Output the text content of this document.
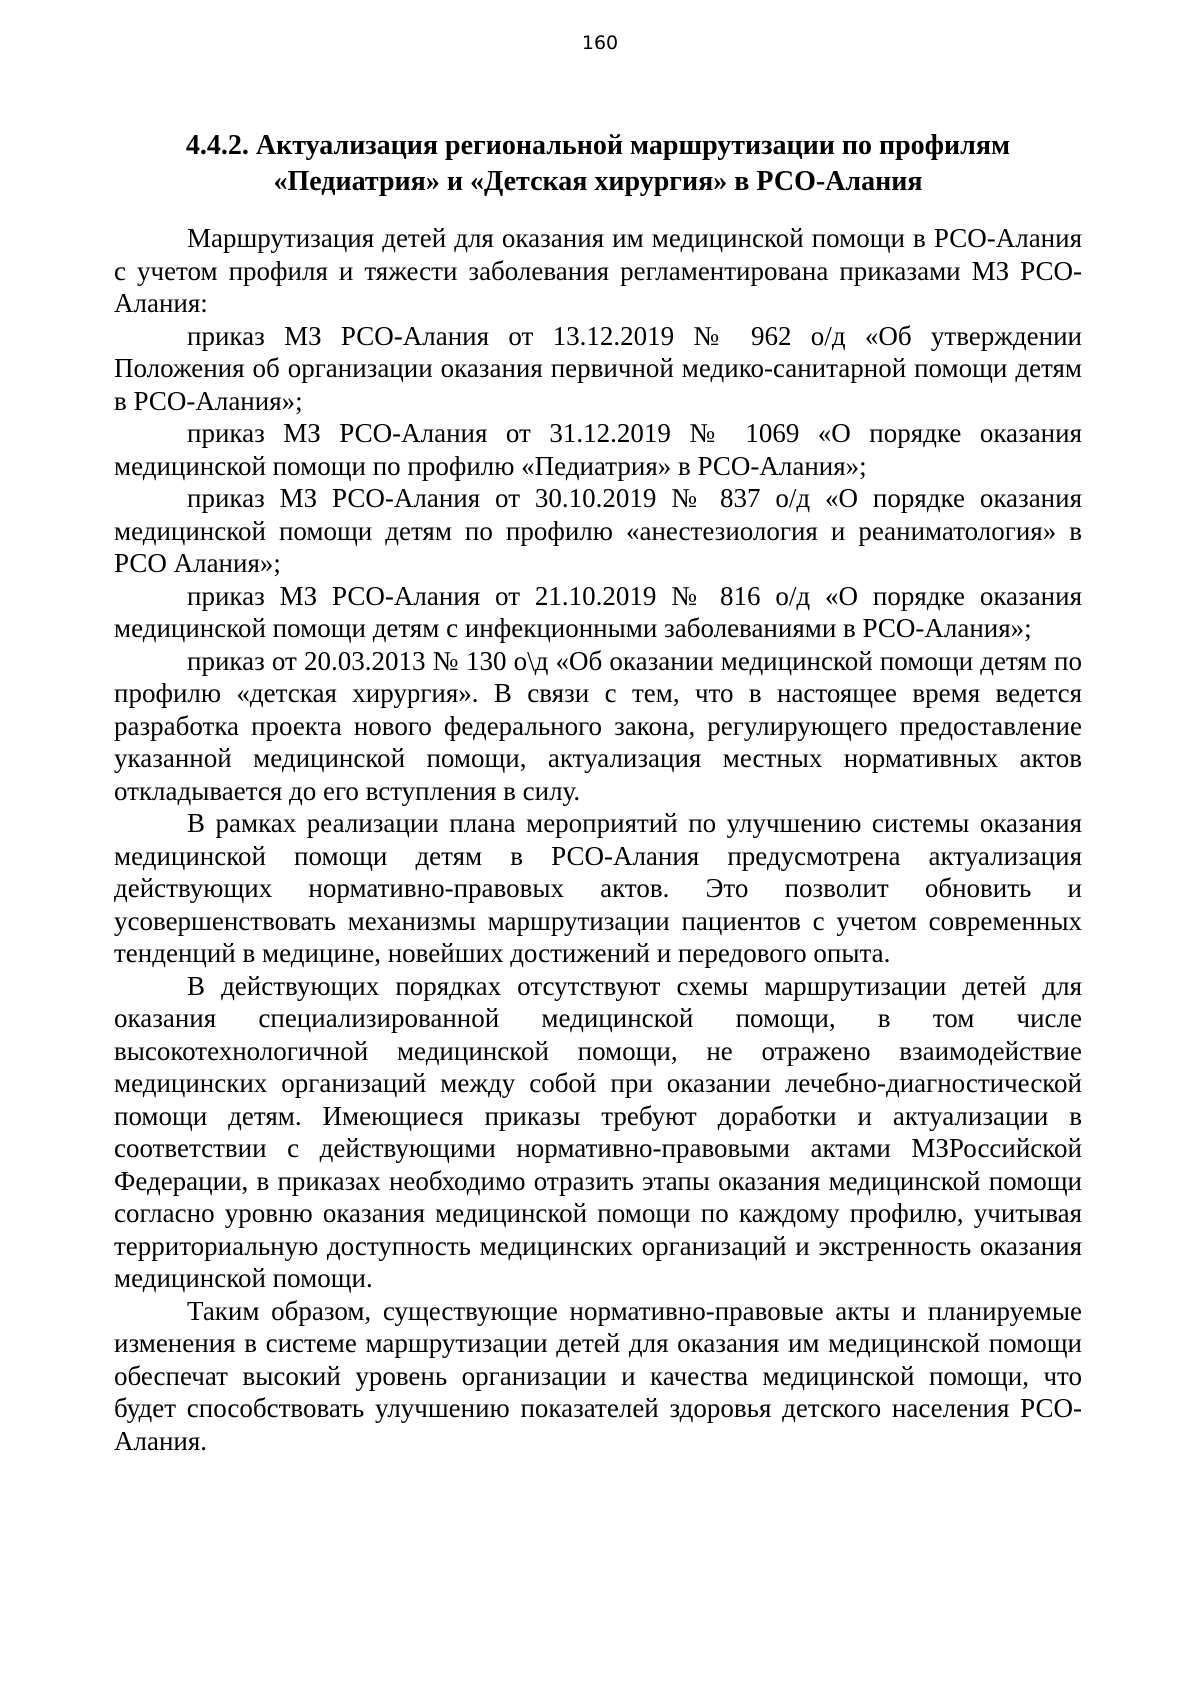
160
4.4.2. Актуализация региональной маршрутизации по профилям
«Педиатрия» и «Детская хирургия» в РСО-Алания

Маршрутизация детей для оказания им медицинской помощи в РСО-Алания с учетом профиля и тяжести заболевания регламентирована приказами МЗ РСО-Алания:

приказ МЗ РСО-Алания от 13.12.2019 № 962 о/д «Об утверждении Положения об организации оказания первичной медико-санитарной помощи детям в РСО-Алания»;

приказ МЗ РСО-Алания от 31.12.2019 № 1069 «О порядке оказания медицинской помощи по профилю «Педиатрия» в РСО-Алания»;

приказ МЗ РСО-Алания от 30.10.2019 № 837 о/д «О порядке оказания медицинской помощи детям по профилю «анестезиология и реаниматология» в РСО Алания»;

приказ МЗ РСО-Алания от 21.10.2019 № 816 о/д «О порядке оказания медицинской помощи детям с инфекционными заболеваниями в РСО-Алания»;

приказ от 20.03.2013 № 130 о\д «Об оказании медицинской помощи детям по профилю «детская хирургия». В связи с тем, что в настоящее время ведется разработка проекта нового федерального закона, регулирующего предоставление указанной медицинской помощи, актуализация местных нормативных актов откладывается до его вступления в силу.

В рамках реализации плана мероприятий по улучшению системы оказания медицинской помощи детям в РСО-Алания предусмотрена актуализация действующих нормативно-правовых актов. Это позволит обновить и усовершенствовать механизмы маршрутизации пациентов с учетом современных тенденций в медицине, новейших достижений и передового опыта.

В действующих порядках отсутствуют схемы маршрутизации детей для оказания специализированной медицинской помощи, в том числе высокотехнологичной медицинской помощи, не отражено взаимодействие медицинских организаций между собой при оказании лечебно-диагностической помощи детям. Имеющиеся приказы требуют доработки и актуализации в соответствии с действующими нормативно-правовыми актами МЗРоссийской Федерации, в приказах необходимо отразить этапы оказания медицинской помощи согласно уровню оказания медицинской помощи по каждому профилю, учитывая территориальную доступность медицинских организаций и экстренность оказания медицинской помощи.

Таким образом, существующие нормативно-правовые акты и планируемые изменения в системе маршрутизации детей для оказания им медицинской помощи обеспечат высокий уровень организации и качества медицинской помощи, что будет способствовать улучшению показателей здоровья детского населения РСО-Алания.
